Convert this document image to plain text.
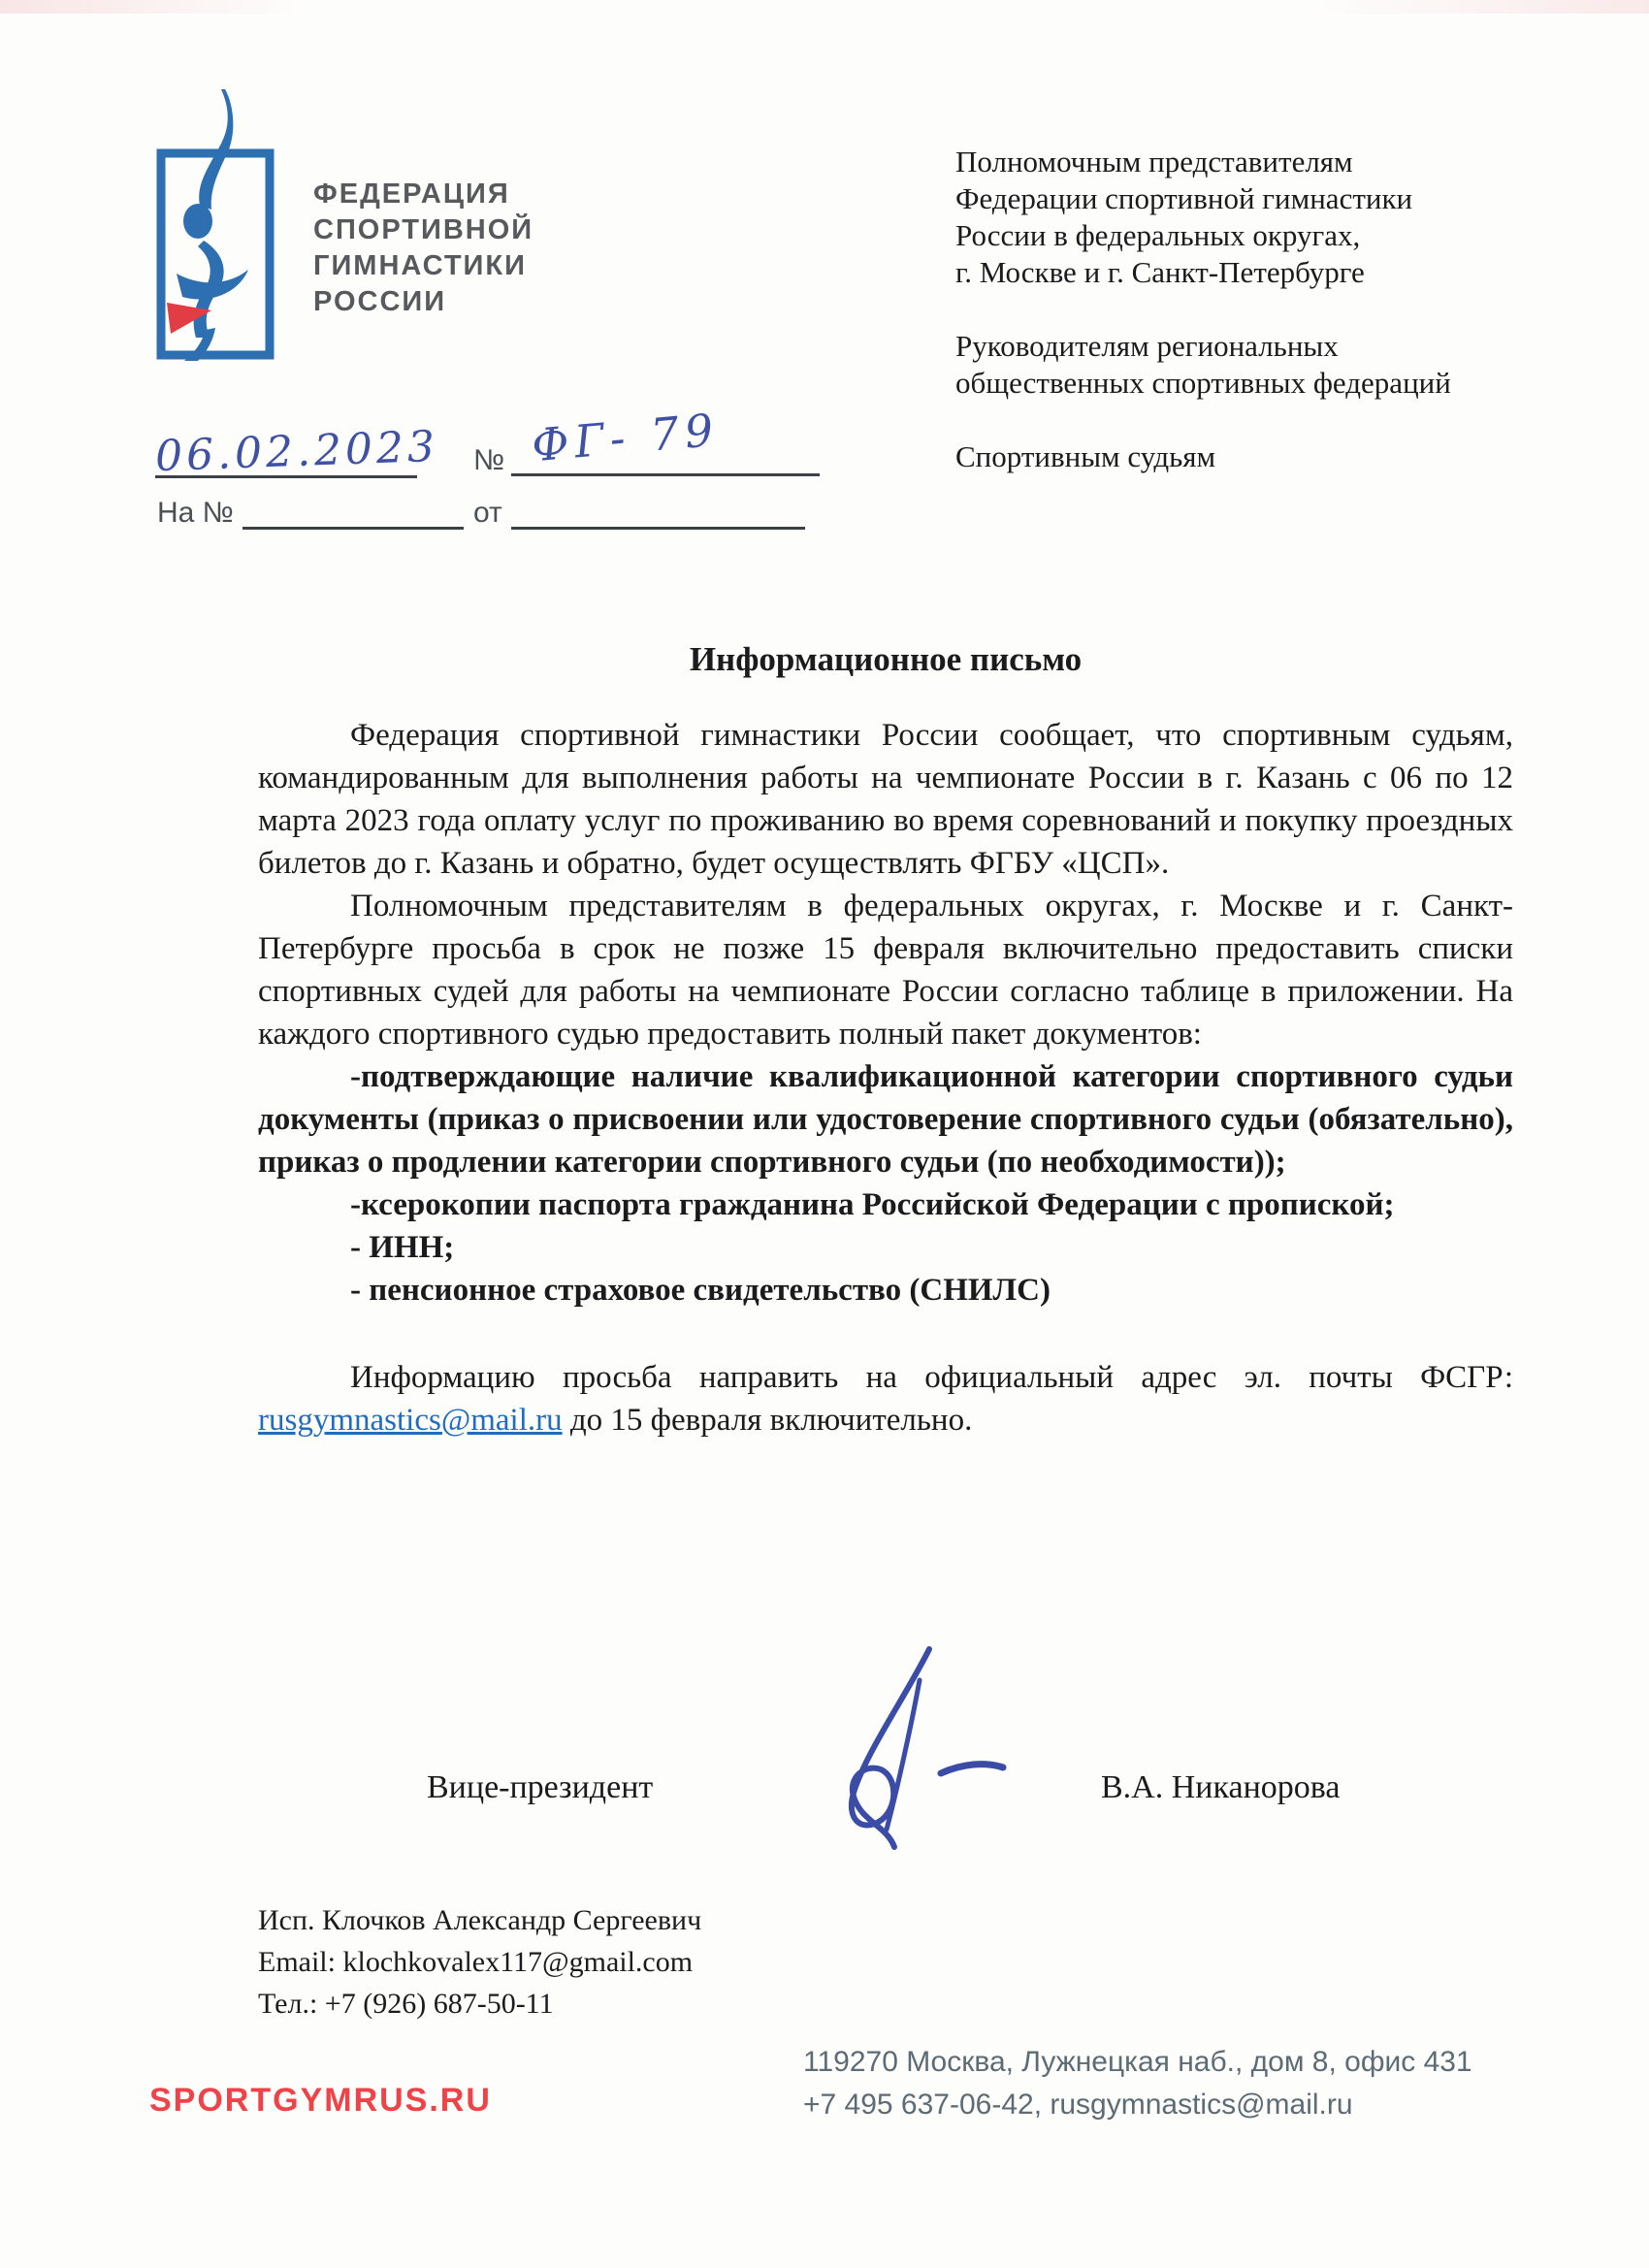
ФЕДЕРАЦИЯ
СПОРТИВНОЙ
ГИМНАСТИКИ
РОССИИ
06.02.2023 № ФГ- 79
На №	от
Полномочным представителям
Федерации спортивной гимнастики
России в федеральных округах,
г. Москве и г. Санкт-Петербурге
Руководителям региональных
общественных спортивных федераций
Спортивным судьям
Информационное письмо

Федерация спортивной гимнастики России сообщает, что спортивным судьям, командированным для выполнения работы на чемпионате России в г. Казань с 06 по 12 марта 2023 года оплату услуг по проживанию во время соревнований и покупку проездных билетов до г. Казань и обратно, будет осуществлять ФГБУ «ЦСП».

Полномочным представителям в федеральных округах, г. Москве и г. Санкт-Петербурге просьба в срок не позже 15 февраля включительно предоставить списки спортивных судей для работы на чемпионате России согласно таблице в приложении. На каждого спортивного судью предоставить полный пакет документов:

-подтверждающие наличие квалификационной категории спортивного судьи документы (приказ о присвоении или удостоверение спортивного судьи (обязательно), приказ о продлении категории спортивного судьи (по необходимости));

-ксерокопии паспорта гражданина Российской Федерации с пропиской;

- ИНН;

- пенсионное страховое свидетельство (СНИЛС)

Информацию просьба направить на официальный адрес эл. почты ФСГР: rusgymnastics@mail.ru до 15 февраля включительно.

Вице-президент	В.А. Никанорова
Исп. Клочков Александр Сергеевич
Email: klochkovalex117@gmail.com
Тел.: +7 (926) 687-50-11
SPORTGYMRUS.RU
119270 Москва, Лужнецкая наб., дом 8, офис 431
+7 495 637-06-42, rusgymnastics@mail.ru
